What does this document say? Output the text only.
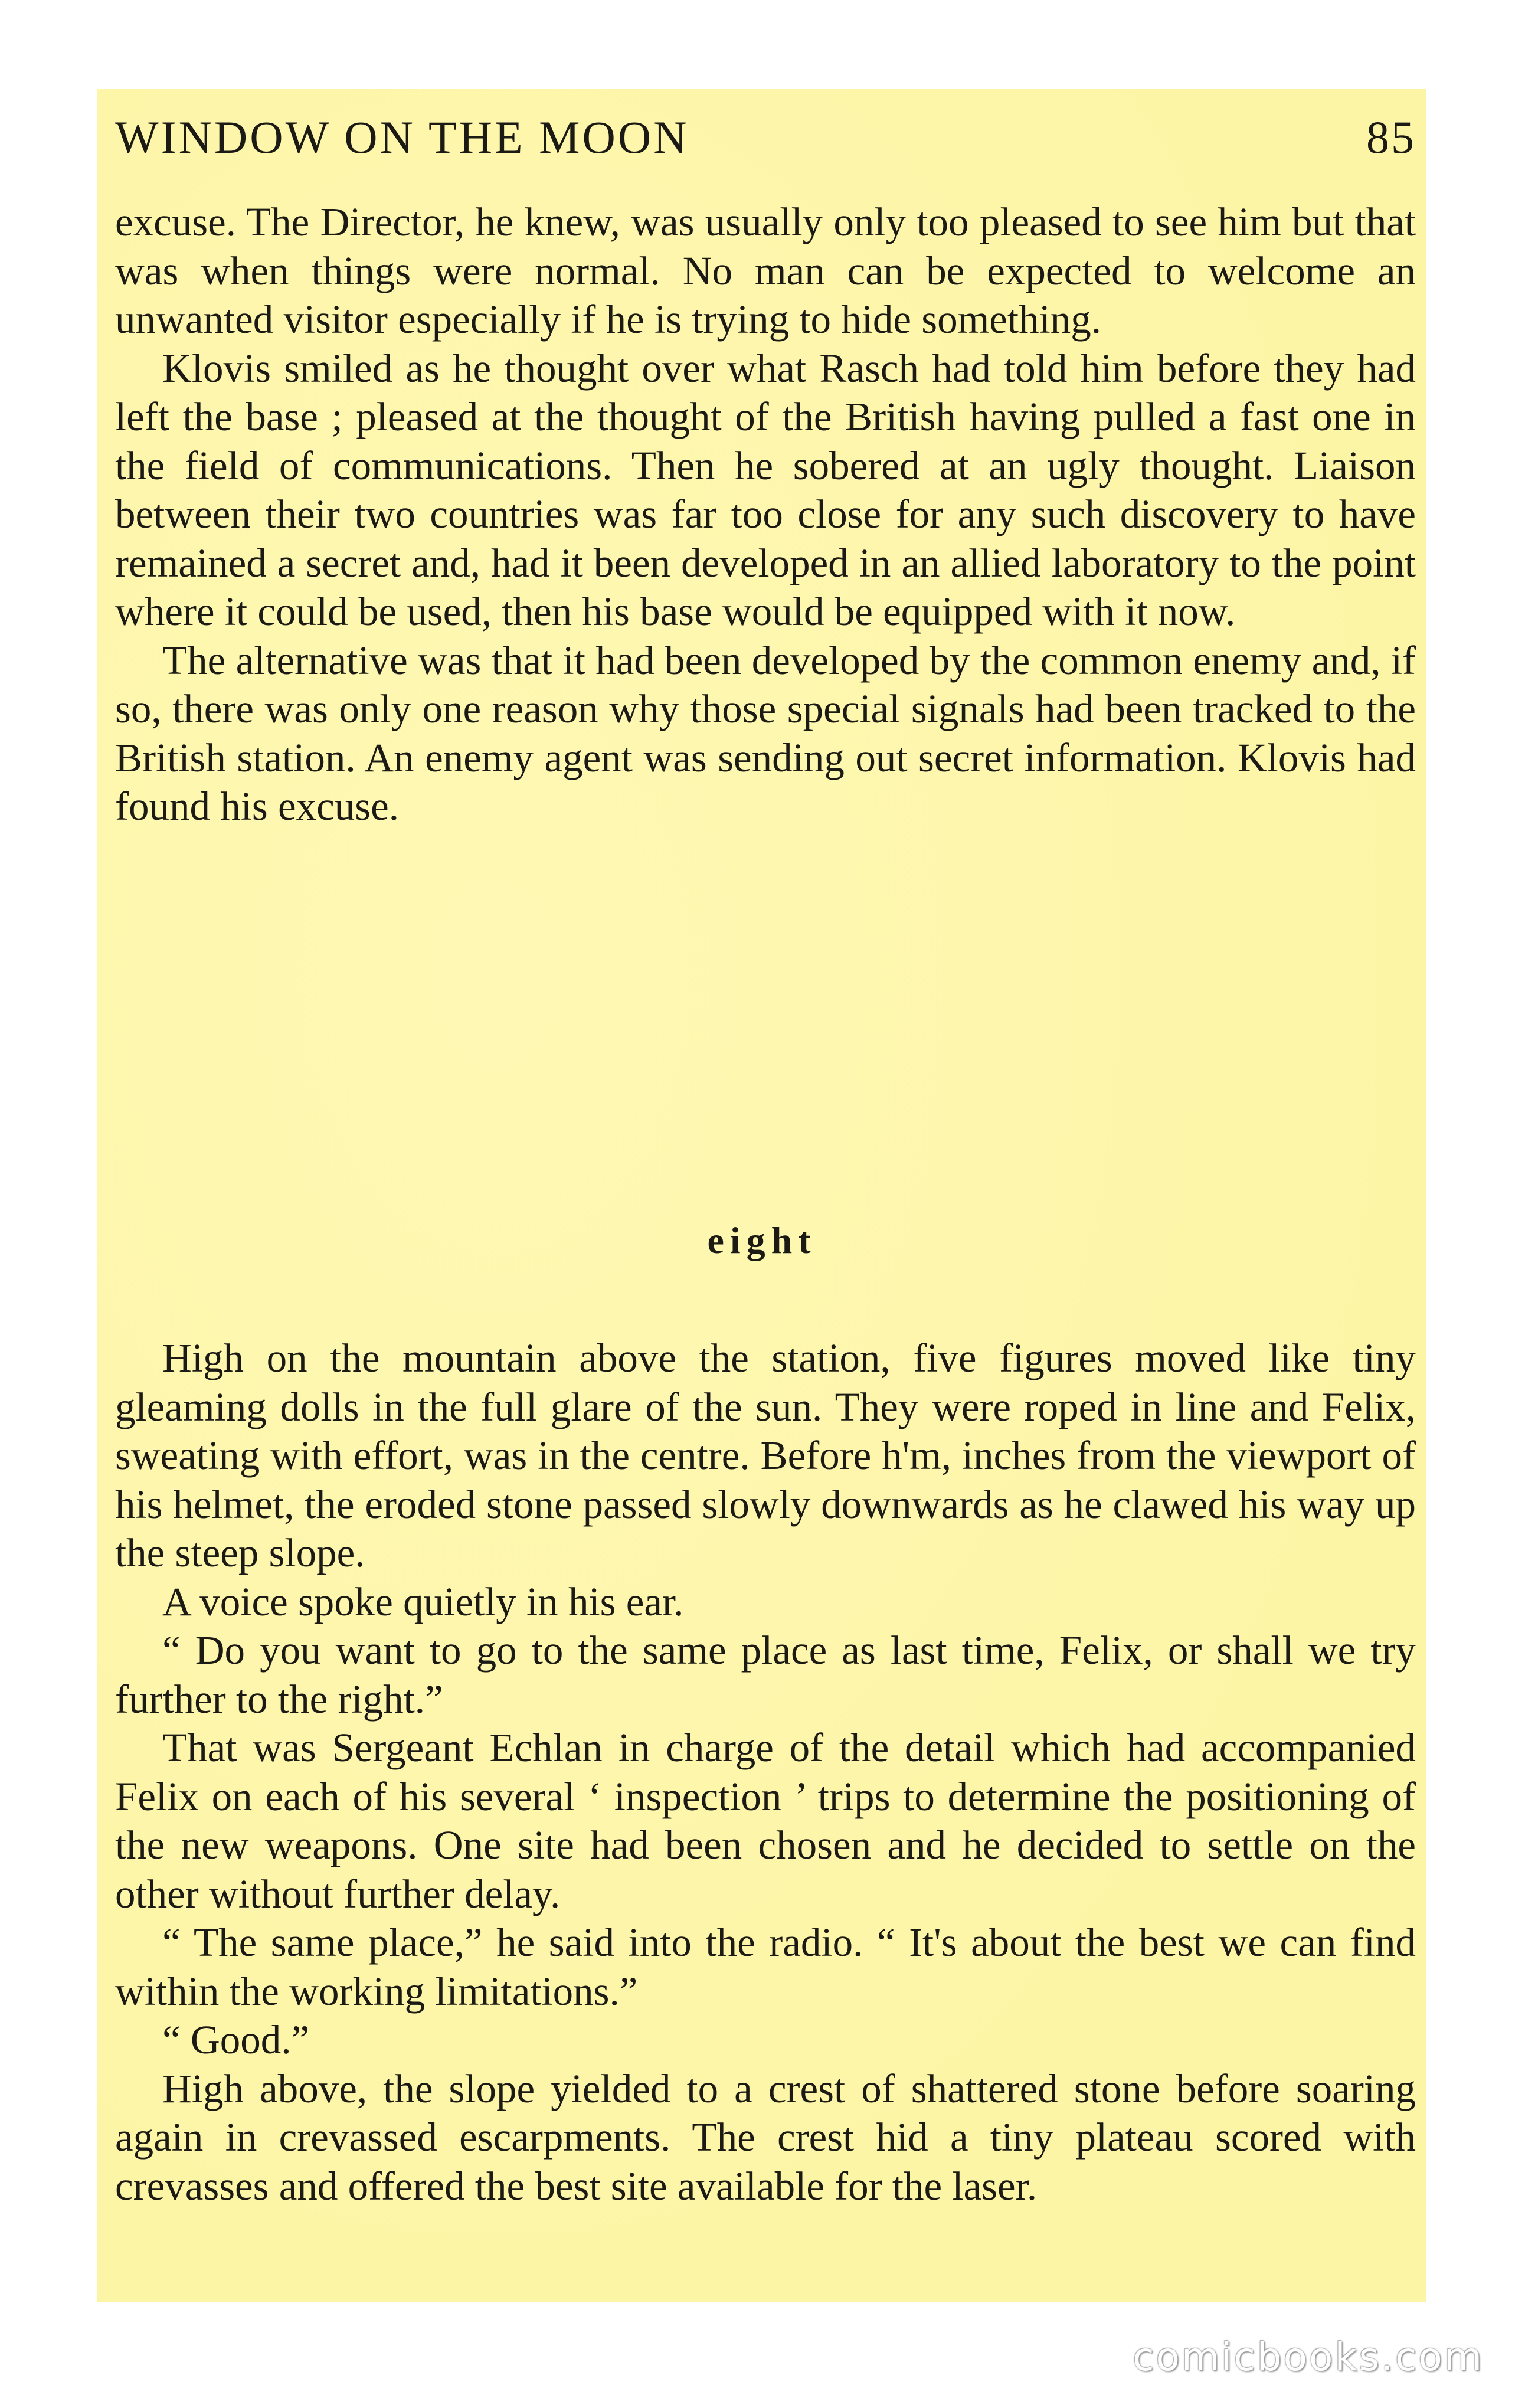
WINDOW ON THE MOON	85

excuse. The Director, he knew, was usually only too pleased to see him but that was when things were normal. No man can be expected to welcome an unwanted visitor especially if he is trying to hide something.

Klovis smiled as he thought over what Rasch had told him before they had left the base ; pleased at the thought of the British having pulled a fast one in the field of communications. Then he sobered at an ugly thought. Liaison between their two countries was far too close for any such discovery to have remained a secret and, had it been developed in an allied laboratory to the point where it could be used, then his base would be equipped with it now.

The alternative was that it had been developed by the common enemy and, if so, there was only one reason why those special signals had been tracked to the British station. An enemy agent was sending out secret information. Klovis had found his excuse.

eight

High on the mountain above the station, five figures moved like tiny gleaming dolls in the full glare of the sun. They were roped in line and Felix, sweating with effort, was in the centre. Before h'm, inches from the viewport of his helmet, the eroded stone passed slowly downwards as he clawed his way up the steep slope.

A voice spoke quietly in his ear.

“ Do you want to go to the same place as last time, Felix, or shall we try further to the right.”

That was Sergeant Echlan in charge of the detail which had accompanied Felix on each of his several ‘ inspection ’ trips to determine the positioning of the new weapons. One site had been chosen and he decided to settle on the other without further delay.

“ The same place,” he said into the radio. “ It's about the best we can find within the working limitations.”

“ Good.”

High above, the slope yielded to a crest of shattered stone before soaring again in crevassed escarpments. The crest hid a tiny plateau scored with crevasses and offered the best site available for the laser.

comicbooks.com
